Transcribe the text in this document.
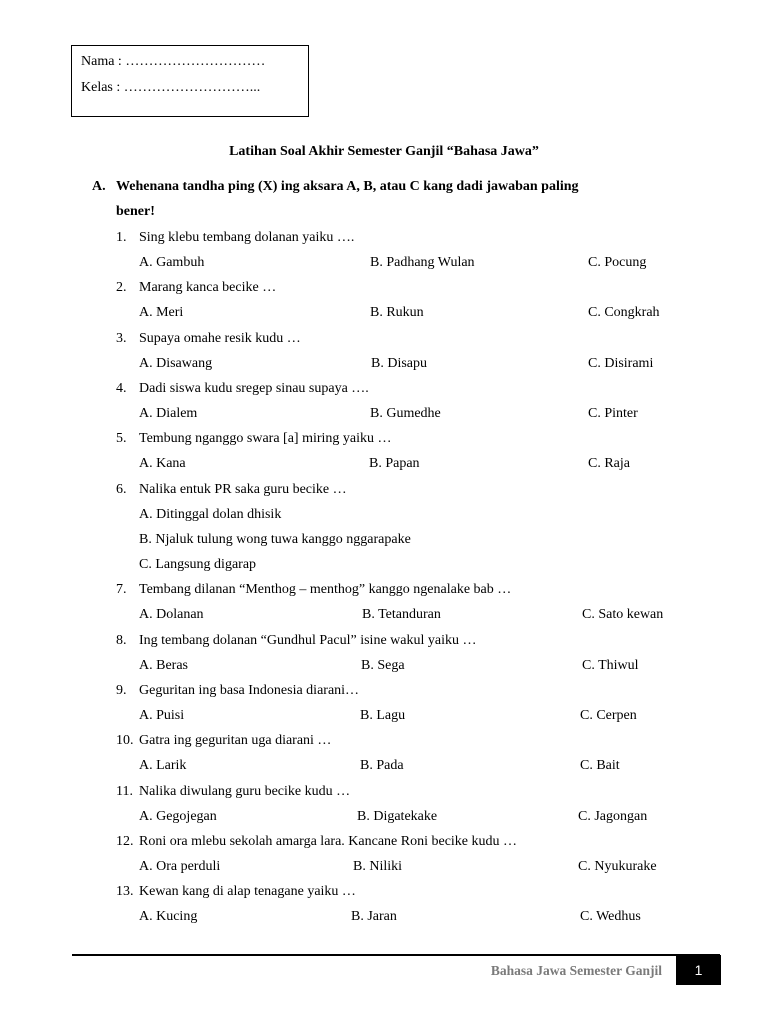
Nama : …………………………
Kelas : ………………………...
Latihan Soal Akhir Semester Ganjil “Bahasa Jawa”
A. Wehenana tandha ping (X) ing aksara A, B, atau C kang dadi jawaban paling
bener!
1. Sing klebu tembang dolanan yaiku ….
A. Gambuh	B. Padhang Wulan	C. Pocung
2. Marang kanca becike …
A. Meri	B. Rukun	C. Congkrah
3. Supaya omahe resik kudu …
A. Disawang	B. Disapu	C. Disirami
4. Dadi siswa kudu sregep sinau supaya ….
A. Dialem	B. Gumedhe	C. Pinter
5. Tembung nganggo swara [a] miring yaiku …
A. Kana	B. Papan	C. Raja
6. Nalika entuk PR saka guru becike …
A. Ditinggal dolan dhisik
B. Njaluk tulung wong tuwa kanggo nggarapake
C. Langsung digarap
7. Tembang dilanan “Menthog – menthog” kanggo ngenalake bab …
A. Dolanan	B. Tetanduran	C. Sato kewan
8. Ing tembang dolanan “Gundhul Pacul” isine wakul yaiku …
A. Beras	B. Sega	C. Thiwul
9. Geguritan ing basa Indonesia diarani…
A. Puisi	B. Lagu	C. Cerpen
10. Gatra ing geguritan uga diarani …
A. Larik	B. Pada	C. Bait
11. Nalika diwulang guru becike kudu …
A. Gegojegan	B. Digatekake	C. Jagongan
12. Roni ora mlebu sekolah amarga lara. Kancane Roni becike kudu …
A. Ora perduli	B. Niliki	C. Nyukurake
13. Kewan kang di alap tenagane yaiku …
A. Kucing	B. Jaran	C. Wedhus
Bahasa Jawa Semester Ganjil	1
